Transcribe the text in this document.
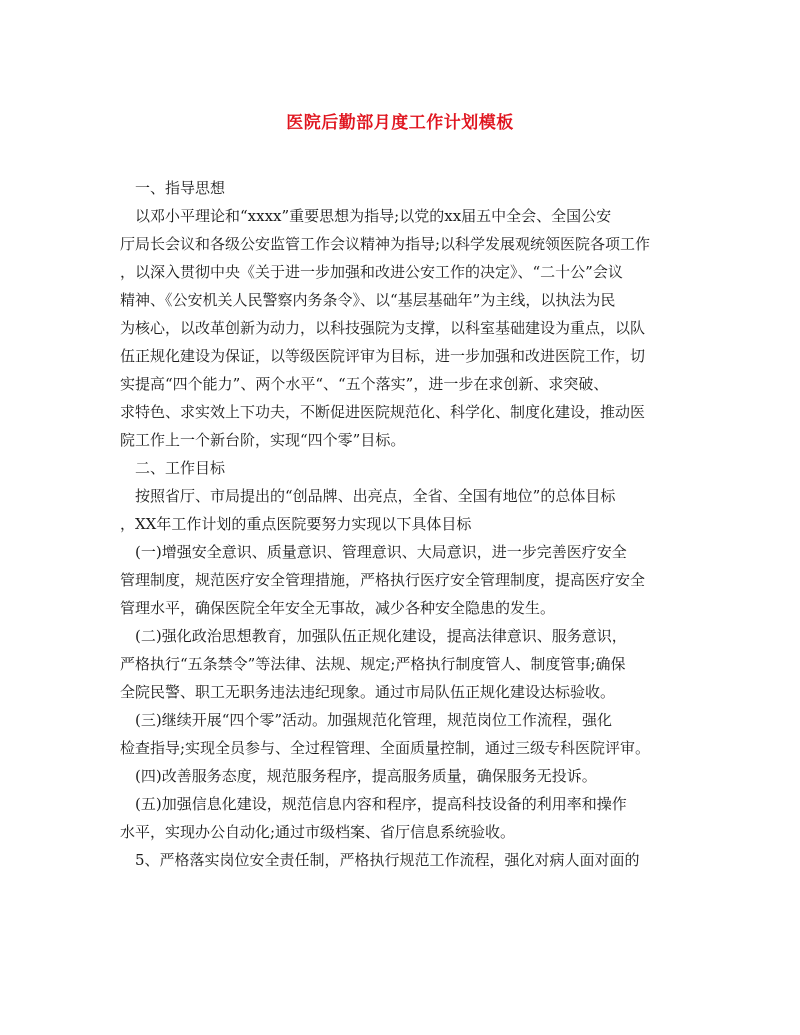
医院后勤部月度工作计划模板
　一、指导思想
　以邓小平理论和“xxxx”重要思想为指导;以党的xx届五中全会、全国公安
厅局长会议和各级公安监管工作会议精神为指导;以科学发展观统领医院各项工作
，以深入贯彻中央《关于进一步加强和改进公安工作的决定》、“二十公”会议
精神、《公安机关人民警察内务条令》、以“基层基础年”为主线，以执法为民
为核心，以改革创新为动力，以科技强院为支撑，以科室基础建设为重点，以队
伍正规化建设为保证，以等级医院评审为目标，进一步加强和改进医院工作，切
实提高“四个能力”、两个水平“、“五个落实”，进一步在求创新、求突破、
求特色、求实效上下功夫，不断促进医院规范化、科学化、制度化建设，推动医
院工作上一个新台阶，实现“四个零”目标。
　二、工作目标
　按照省厅、市局提出的“创品牌、出亮点，全省、全国有地位”的总体目标
，XX年工作计划的重点医院要努力实现以下具体目标
　(一)增强安全意识、质量意识、管理意识、大局意识，进一步完善医疗安全
管理制度，规范医疗安全管理措施，严格执行医疗安全管理制度，提高医疗安全
管理水平，确保医院全年安全无事故，减少各种安全隐患的发生。
　(二)强化政治思想教育，加强队伍正规化建设，提高法律意识、服务意识，
严格执行“五条禁令”等法律、法规、规定;严格执行制度管人、制度管事;确保
全院民警、职工无职务违法违纪现象。通过市局队伍正规化建设达标验收。
　(三)继续开展“四个零”活动。加强规范化管理，规范岗位工作流程，强化
检查指导;实现全员参与、全过程管理、全面质量控制，通过三级专科医院评审。
　(四)改善服务态度，规范服务程序，提高服务质量，确保服务无投诉。
　(五)加强信息化建设，规范信息内容和程序，提高科技设备的利用率和操作
水平，实现办公自动化;通过市级档案、省厅信息系统验收。
　5、严格落实岗位安全责任制，严格执行规范工作流程，强化对病人面对面的
